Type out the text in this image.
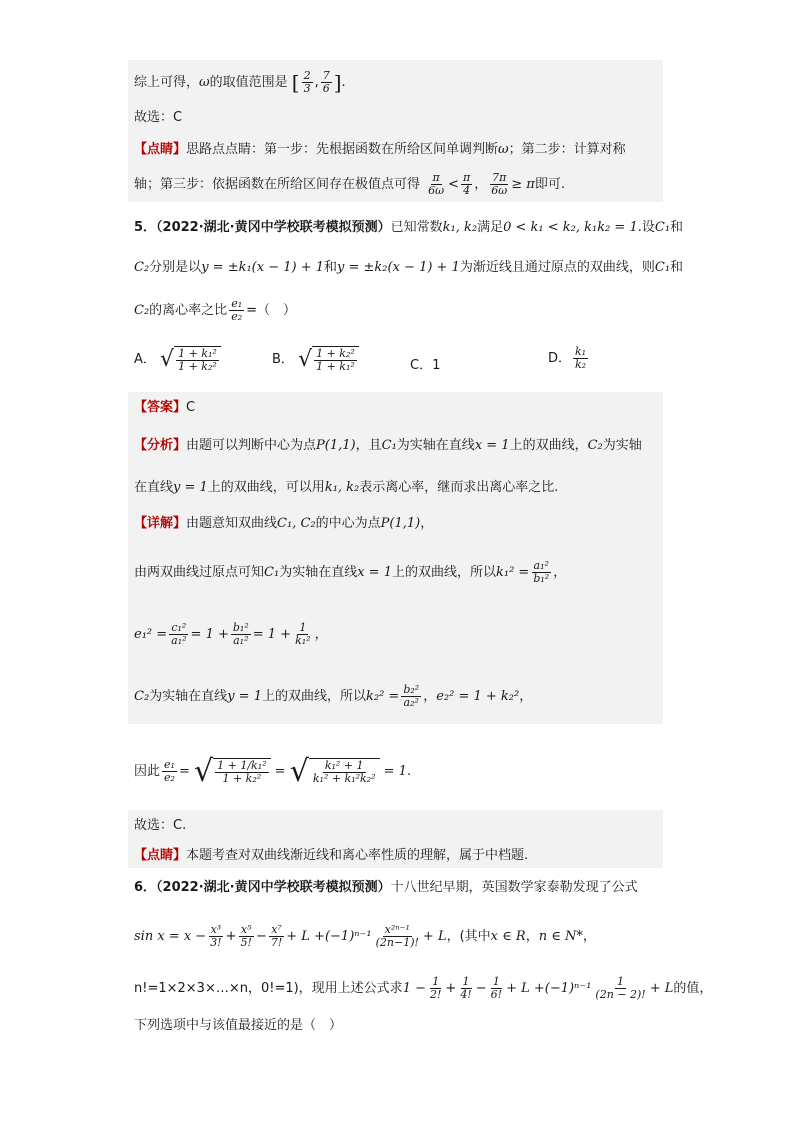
综上可得，ω的取值范围是 [ $\frac{2}{3}$ , $\frac{7}{6}$ ].
故选：C
【点睛】思路点点睛：第一步：先根据函数在所给区间单调判断ω；第二步：计算对称
轴；第三步：依据函数在所给区间存在极值点可得 $\frac{\pi}{6\omega} < \frac{\pi}{4}$ ， $\frac{7\pi}{6\omega} \ge \pi$即可.
5．（2022·湖北·黄冈中学校联考模拟预测）已知常数k₁, k₂满足0 < k₁ < k₂, k₁k₂ = 1.设C₁和
C₂分别是以y = ±k₁(x − 1) + 1和y = ±k₂(x − 1) + 1为渐近线且通过原点的双曲线，则C₁和
C₂的离心率之比 $\frac{\text{e₁}}{\text{e₂}}$ =（　）
A． √ $\frac{\text{1 + k₁²}}{\text{1 + k₂²}}$	B． √ $\frac{\text{1 + k₂²}}{\text{1 + k₁²}}$	C．1	D． $\frac{\text{k₁}}{\text{k₂}}$
【答案】C
【分析】由题可以判断中心为点P(1,1)，且C₁为实轴在直线x = 1上的双曲线，C₂为实轴
在直线y = 1上的双曲线，可以用k₁, k₂表示离心率，继而求出离心率之比.
【详解】由题意知双曲线C₁, C₂的中心为点P(1,1)，
由两双曲线过原点可知C₁为实轴在直线x = 1上的双曲线，所以$k_1^2 = \frac{\text{a₁²}}{\text{b₁²}}$ ，
$e_1^2 = \frac{\text{c₁²}}{\text{a₁²}} = 1 + \frac{\text{b₁²}}{\text{a₁²}} = 1 + \frac{1}{\text{k₁²}}$ ，
C₂为实轴在直线y = 1上的双曲线，所以$k_2^2 = \frac{\text{b₂²}}{\text{a₂²}}$ ，e₂² = 1 + k₂²，
因此 $\frac{\text{e₁}}{\text{e₂}}$ = √ $\frac{\text{1 + 1/k₁²}}{\text{1 + k₂²}}$ = √ $\frac{\text{k₁² + 1}}{\text{k₁² + k₁²k₂²}} = 1$.
故选：C.
【点睛】本题考查对双曲线渐近线和离心率性质的理解，属于中档题.
6．（2022·湖北·黄冈中学校联考模拟预测）十八世纪早期，英国数学家泰勒发现了公式
$\sin x = x - \frac{\text{x³}}{3!} + \frac{\text{x⁵}}{5!} - \frac{\text{x⁷}}{7!} + L +(-1)^{n-1} \frac{\text{x²ⁿ⁻¹}}{(2n-1)!} + L$，(其中x ∈ R，n ∈ N*，
n!=1×2×3×…×n，0!=1)，现用上述公式求$1 - \frac{1}{2!} + \frac{1}{4!} - \frac{1}{6!} + L +(-1)^{n-1} \frac{1}{(2n - 2)!} + L$的值，
下列选项中与该值最接近的是（　）
